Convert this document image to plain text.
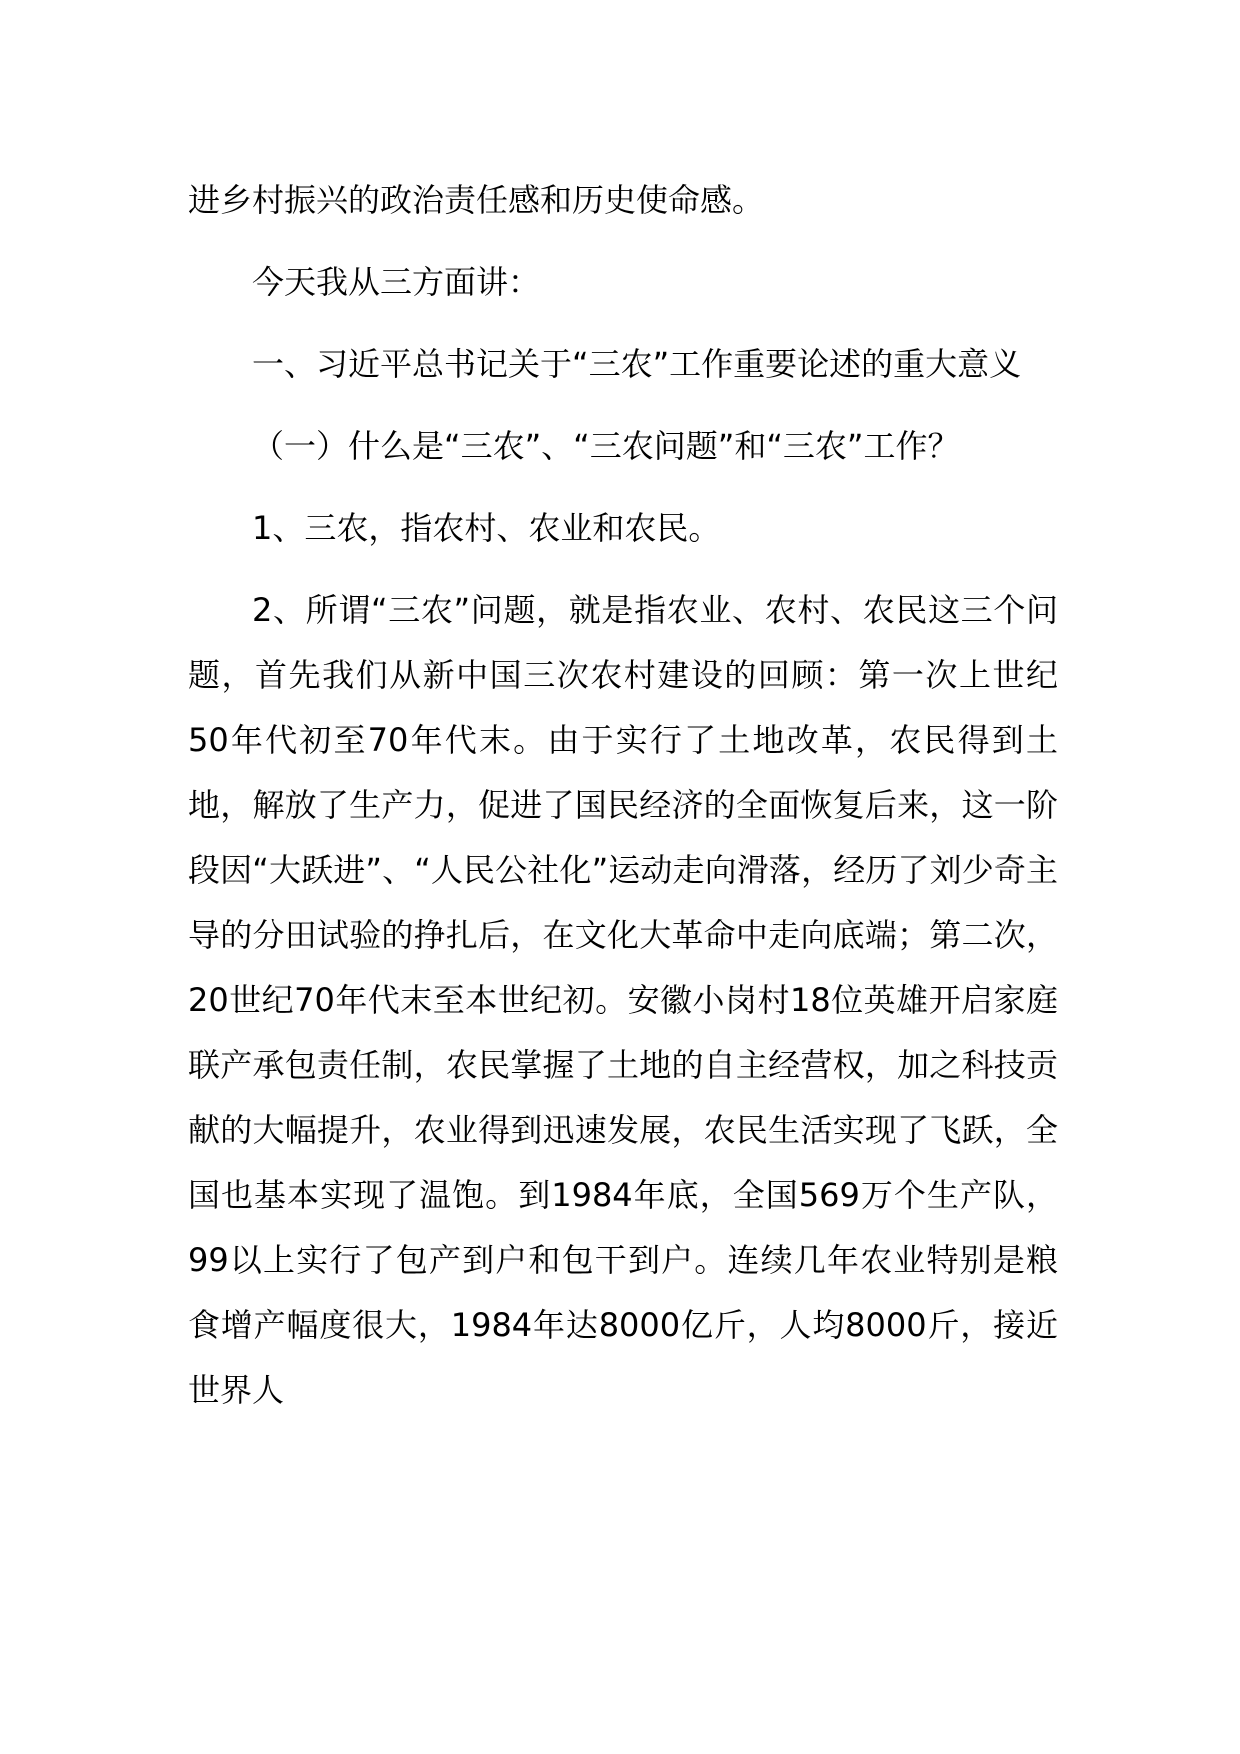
进乡村振兴的政治责任感和历史使命感。

今天我从三方面讲：

一、习近平总书记关于“三农”工作重要论述的重大意义

（一）什么是“三农”、“三农问题”和“三农”工作？

1、三农，指农村、农业和农民。

2、所谓“三农”问题，就是指农业、农村、农民这三个问题，首先我们从新中国三次农村建设的回顾：第一次上世纪50年代初至70年代末。由于实行了土地改革，农民得到土地，解放了生产力，促进了国民经济的全面恢复后来，这一阶段因“大跃进”、“人民公社化”运动走向滑落，经历了刘少奇主导的分田试验的挣扎后，在文化大革命中走向底端；第二次，20世纪70年代末至本世纪初。安徽小岗村18位英雄开启家庭联产承包责任制，农民掌握了土地的自主经营权，加之科技贡献的大幅提升，农业得到迅速发展，农民生活实现了飞跃，全国也基本实现了温饱。到1984年底，全国569万个生产队，99以上实行了包产到户和包干到户。连续几年农业特别是粮食增产幅度很大，1984年达8000亿斤，人均8000斤，接近世界人
